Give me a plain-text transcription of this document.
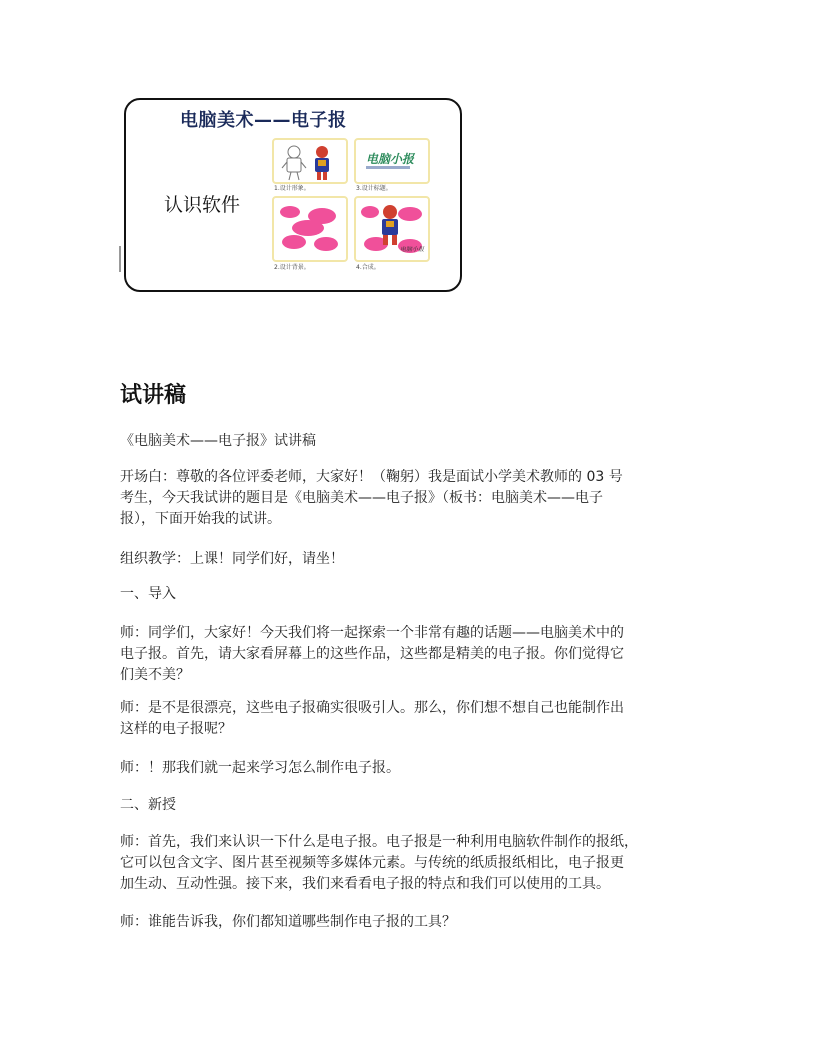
电脑美术——电子报
认识软件
1.设计形象。
电脑小报
3.设计标题。
2.设计背景。
电脑小报
4.合成。
试讲稿
《电脑美术——电子报》试讲稿
开场白：尊敬的各位评委老师，大家好！（鞠躬）我是面试小学美术教师的 03 号
考生，今天我试讲的题目是《电脑美术——电子报》（板书：电脑美术——电子
报），下面开始我的试讲。
组织教学：上课！同学们好，请坐！
一、导入
师：同学们，大家好！今天我们将一起探索一个非常有趣的话题——电脑美术中的
电子报。首先，请大家看屏幕上的这些作品，这些都是精美的电子报。你们觉得它
们美不美？
师：是不是很漂亮，这些电子报确实很吸引人。那么，你们想不想自己也能制作出
这样的电子报呢？
师：！那我们就一起来学习怎么制作电子报。
二、新授
师：首先，我们来认识一下什么是电子报。电子报是一种利用电脑软件制作的报纸，
它可以包含文字、图片甚至视频等多媒体元素。与传统的纸质报纸相比，电子报更
加生动、互动性强。接下来，我们来看看电子报的特点和我们可以使用的工具。
师：谁能告诉我，你们都知道哪些制作电子报的工具？
